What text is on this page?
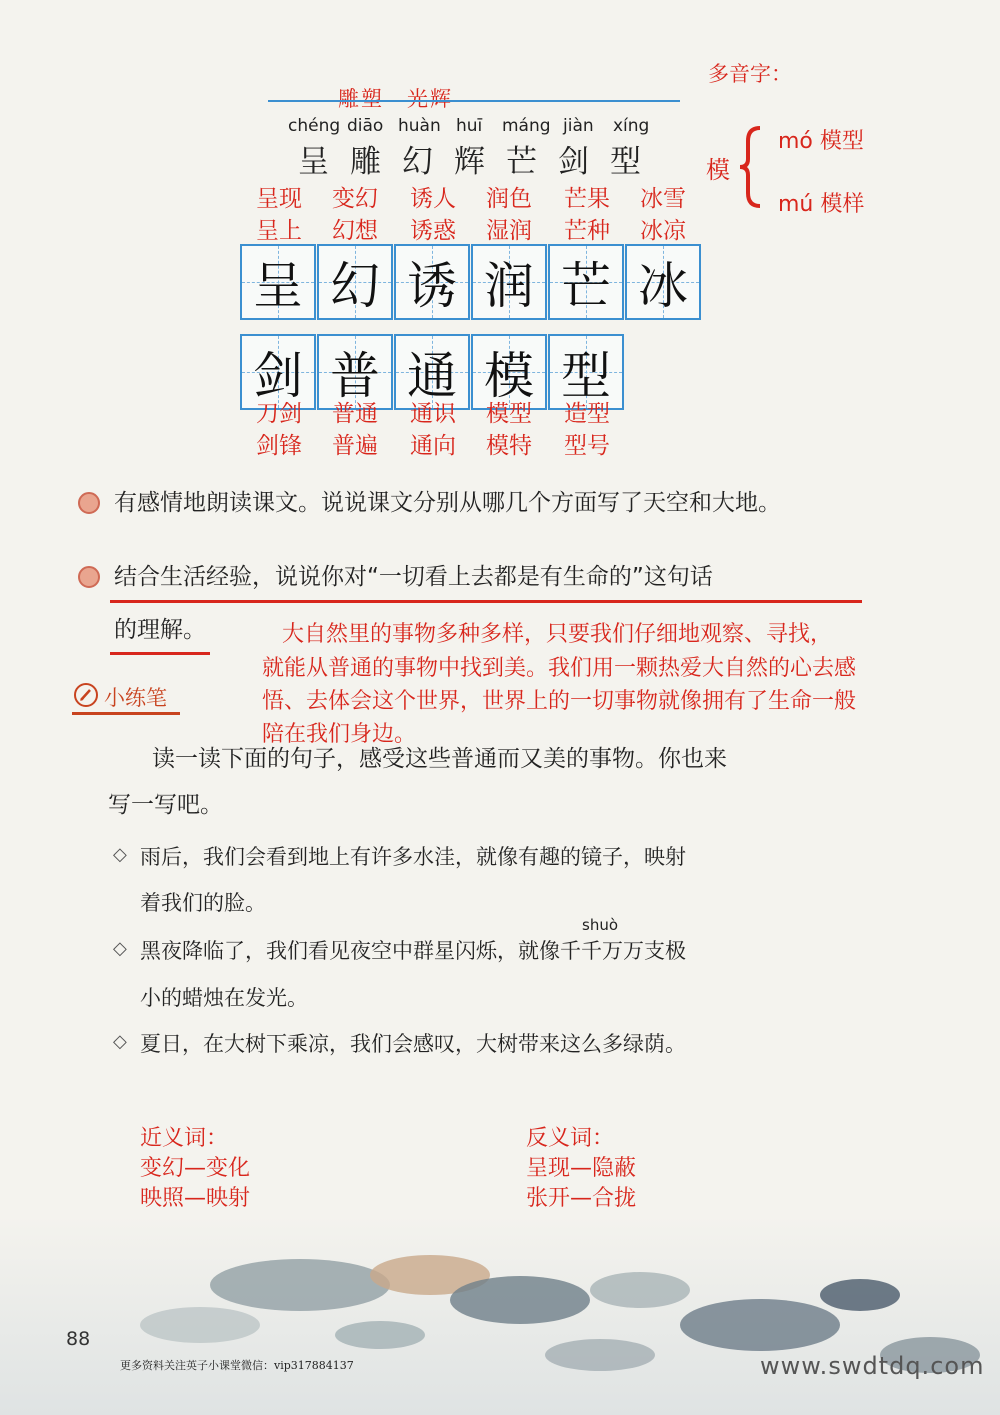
雕塑　光辉
多音字：
模
mó 模型
mú 模样
chéng diāo huàn huī máng jiàn xíng
呈 雕 幻 辉 芒 剑 型
呈现
呈上
变幻
幻想
诱人
诱惑
润色
湿润
芒果
芒种
冰雪
冰凉
呈 幻 诱 润 芒 冰
剑 普 通 模 型
刀剑
剑锋
普通
普遍
通识
通向
模型
模特
造型
型号
有感情地朗读课文。说说课文分别从哪几个方面写了天空和大地。
结合生活经验，说说你对“一切看上去都是有生命的”这句话
的理解。	大自然里的事物多种多样，只要我们仔细地观察、寻找，
就能从普通的事物中找到美。我们用一颗热爱大自然的心去感
悟、去体会这个世界，世界上的一切事物就像拥有了生命一般
陪在我们身边。
小练笔
读一读下面的句子，感受这些普通而又美的事物。你也来
写一写吧。
◇ 雨后，我们会看到地上有许多水洼，就像有趣的镜子，映射
着我们的脸。
shuò
◇ 黑夜降临了，我们看见夜空中群星闪烁，就像千千万万支极
小的蜡烛在发光。
◇ 夏日，在大树下乘凉，我们会感叹，大树带来这么多绿荫。
近义词：
变幻—变化
映照—映射
反义词：
呈现—隐蔽
张开—合拢
88
更多资料关注英子小课堂微信：vip317884137	www.swdtdq.com
